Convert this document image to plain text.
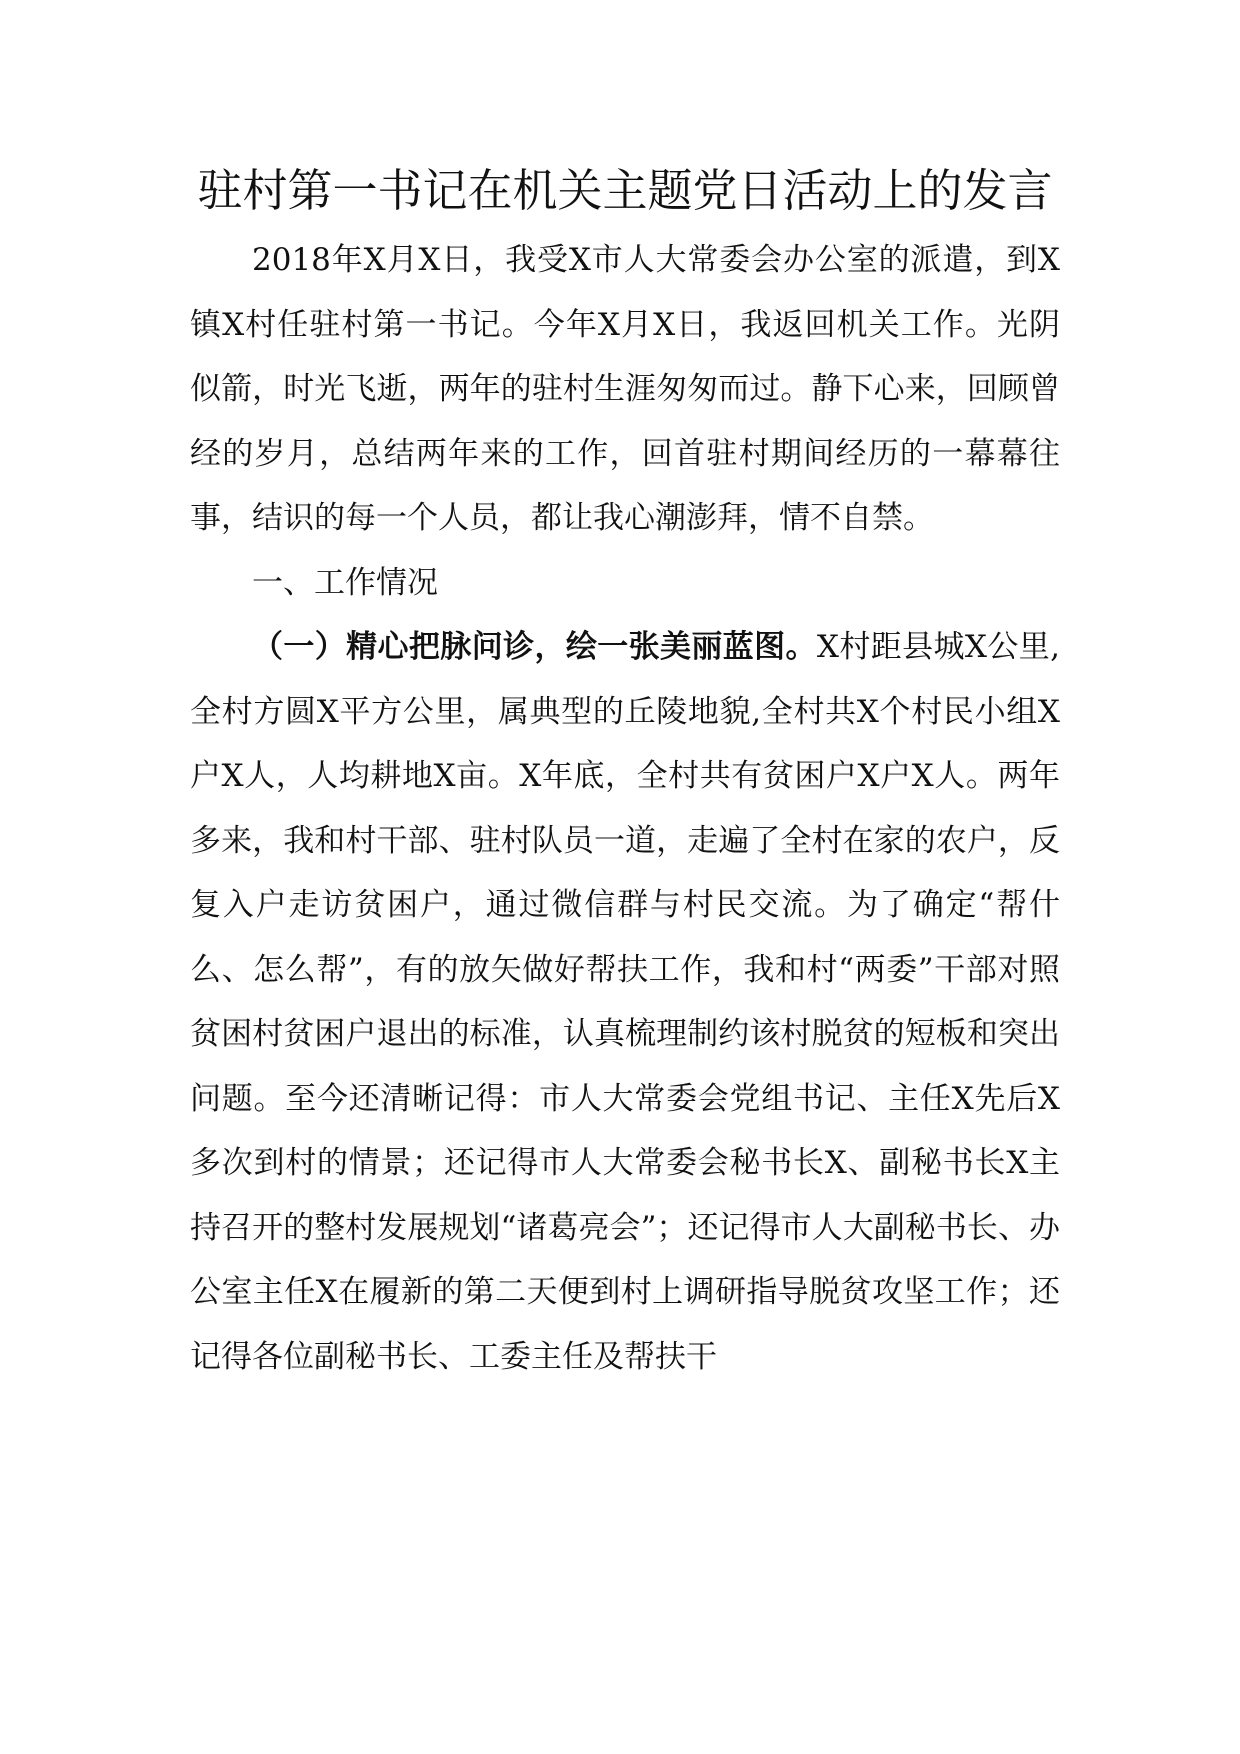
驻村第一书记在机关主题党日活动上的发言

2018年X月X日，我受X市人大常委会办公室的派遣，到X镇X村任驻村第一书记。今年X月X日，我返回机关工作。光阴似箭，时光飞逝，两年的驻村生涯匆匆而过。静下心来，回顾曾经的岁月，总结两年来的工作，回首驻村期间经历的一幕幕往事，结识的每一个人员，都让我心潮澎拜，情不自禁。

一、工作情况

（一）精心把脉问诊，绘一张美丽蓝图。X村距县城X公里,全村方圆X平方公里，属典型的丘陵地貌,全村共X个村民小组X户X人，人均耕地X亩。X年底，全村共有贫困户X户X人。两年多来，我和村干部、驻村队员一道，走遍了全村在家的农户，反复入户走访贫困户，通过微信群与村民交流。为了确定“帮什么、怎么帮”，有的放矢做好帮扶工作，我和村“两委”干部对照贫困村贫困户退出的标准，认真梳理制约该村脱贫的短板和突出问题。至今还清晰记得：市人大常委会党组书记、主任X先后X多次到村的情景；还记得市人大常委会秘书长X、副秘书长X主持召开的整村发展规划“诸葛亮会”；还记得市人大副秘书长、办公室主任X在履新的第二天便到村上调研指导脱贫攻坚工作；还记得各位副秘书长、工委主任及帮扶干
